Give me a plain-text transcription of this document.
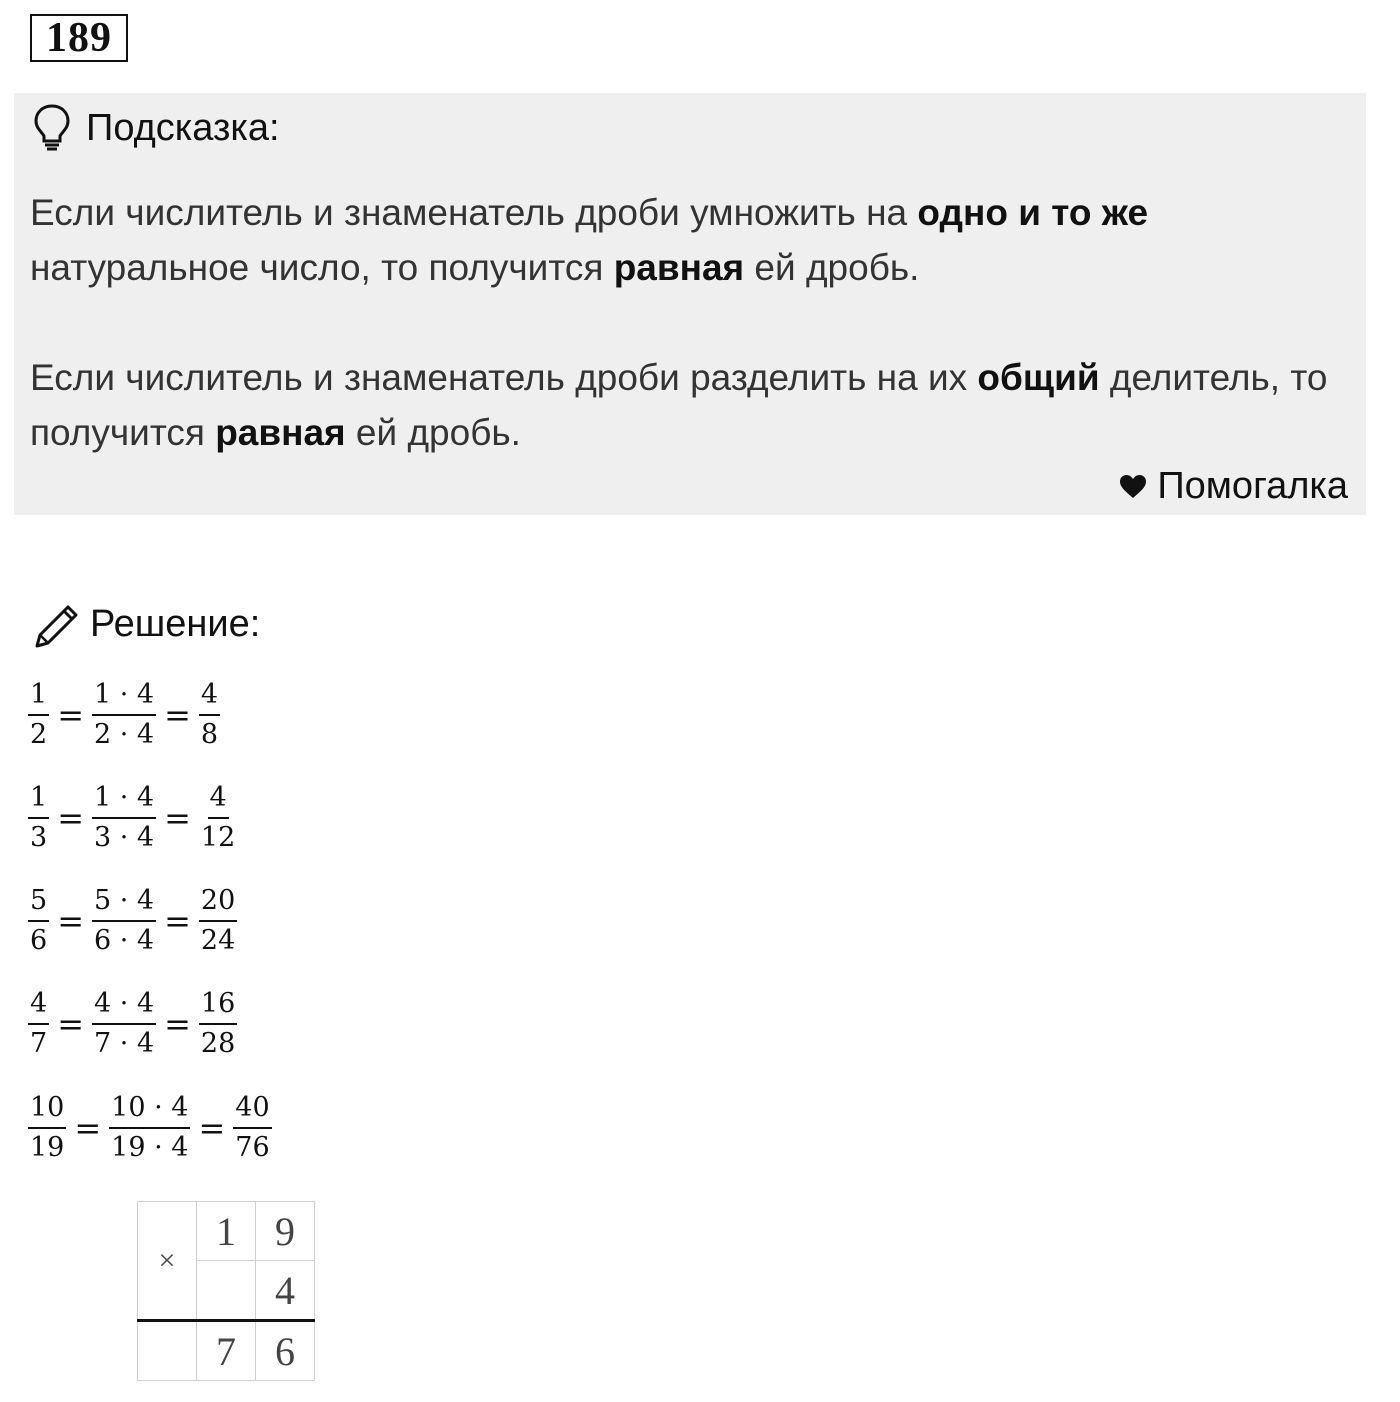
189
Подсказка:
Если числитель и знаменатель дроби умножить на одно и то же натуральное число, то получится равная ей дробь.
Если числитель и знаменатель дроби разделить на их общий делитель, то получится равная ей дробь.
Помогалка
Решение:
$\frac{1}{2} = \frac{1 \cdot 4}{2 \cdot 4} = \frac{4}{8}$
$\frac{1}{3} = \frac{1 \cdot 4}{3 \cdot 4} = \frac{4}{12}$
$\frac{5}{6} = \frac{5 \cdot 4}{6 \cdot 4} = \frac{20}{24}$
$\frac{4}{7} = \frac{4 \cdot 4}{7 \cdot 4} = \frac{16}{28}$
$\frac{10}{19} = \frac{10 \cdot 4}{19 \cdot 4} = \frac{40}{76}$
×	1	9
		4
	7	6
